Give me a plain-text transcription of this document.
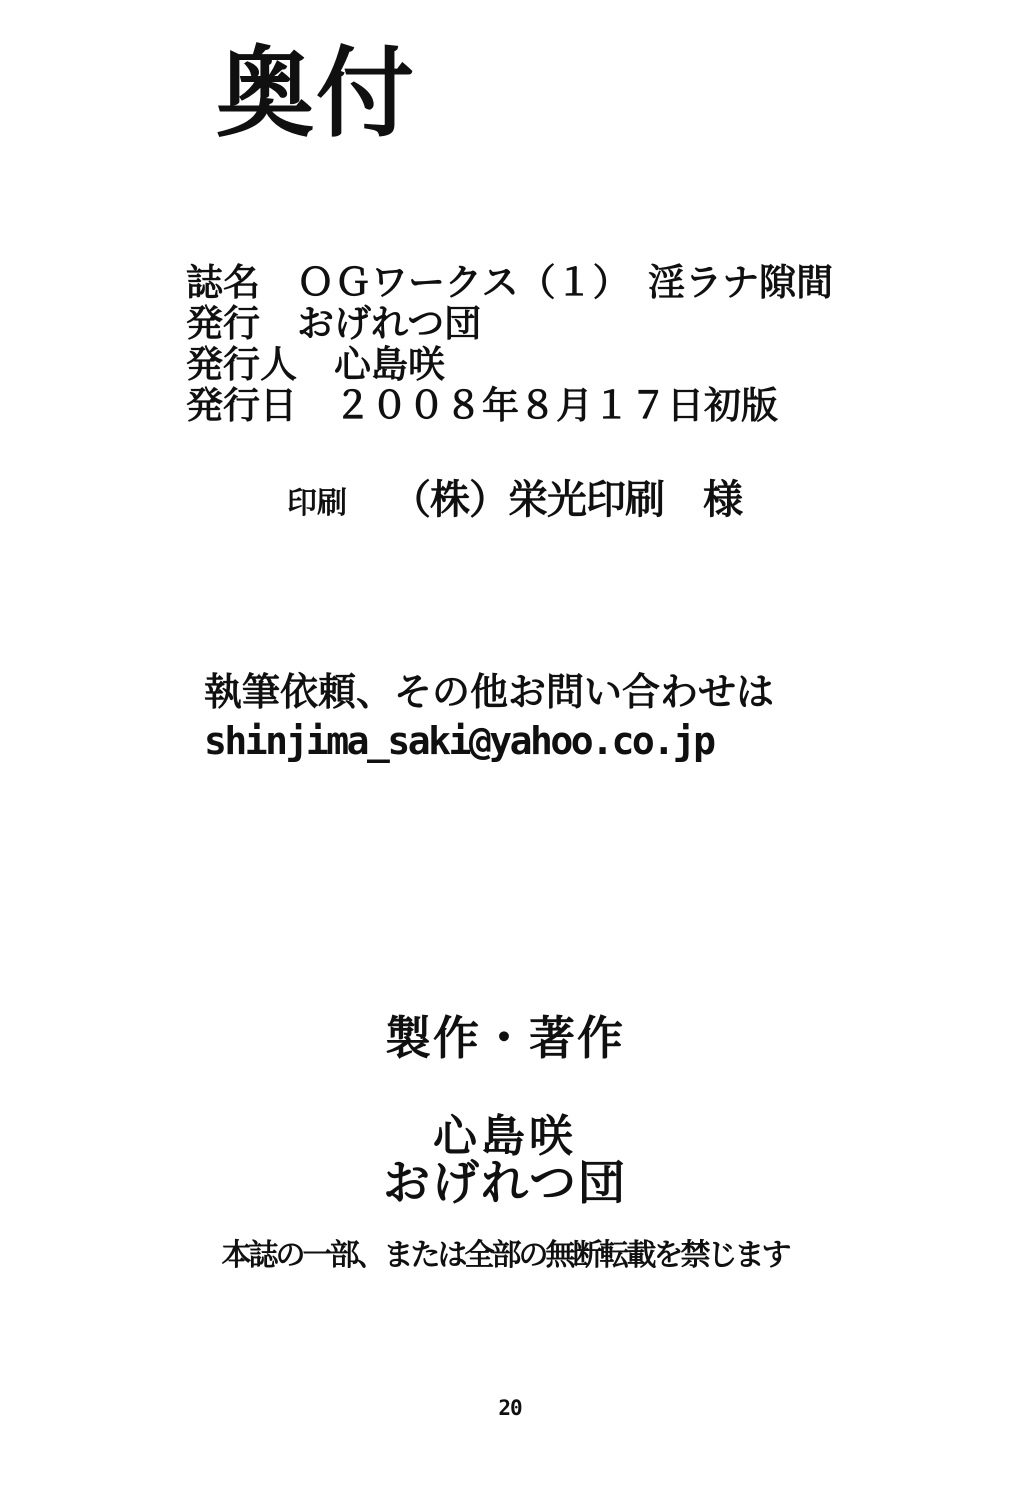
奥付
誌名 ＯＧワークス（１）　淫ラナ隙間
発行 おげれつ団
発行人 心島咲
発行日 ２００８年８月１７日初版
印刷 （株）栄光印刷　様
執筆依頼、その他お問い合わせは
shinjima_saki@yahoo.co.jp
製作・著作
心島咲
おげれつ団
本誌の一部、または全部の無断転載を禁じます
20
